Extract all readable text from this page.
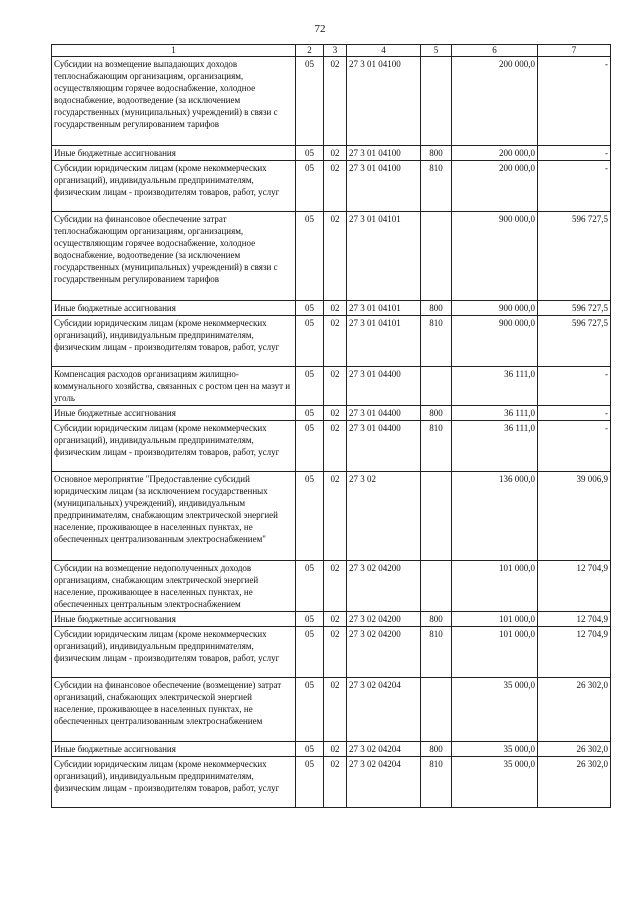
72
1	2	3	4	5	6	7
Субсидии на возмещение выпадающих доходов теплоснабжающим организациям, организациям, осуществляющим горячее водоснабжение, холодное водоснабжение, водоотведение (за исключением государственных (муниципальных) учреждений) в связи с государственным регулированием тарифов	05	02	27 3 01 04100		200 000,0	-
Иные бюджетные ассигнования	05	02	27 3 01 04100	800	200 000,0	-
Субсидии юридическим лицам (кроме некоммерческих организаций), индивидуальным предпринимателям, физическим лицам - производителям товаров, работ, услуг	05	02	27 3 01 04100	810	200 000,0	-
Субсидии на финансовое обеспечение затрат теплоснабжающим организациям, организациям, осуществляющим горячее водоснабжение, холодное водоснабжение, водоотведение (за исключением государственных (муниципальных) учреждений) в связи с государственным регулированием тарифов	05	02	27 3 01 04101		900 000,0	596 727,5
Иные бюджетные ассигнования	05	02	27 3 01 04101	800	900 000,0	596 727,5
Субсидии юридическим лицам (кроме некоммерческих организаций), индивидуальным предпринимателям, физическим лицам - производителям товаров, работ, услуг	05	02	27 3 01 04101	810	900 000,0	596 727,5
Компенсация расходов организациям жилищно-коммунального хозяйства, связанных с ростом цен на мазут и уголь	05	02	27 3 01 04400		36 111,0	-
Иные бюджетные ассигнования	05	02	27 3 01 04400	800	36 111,0	-
Субсидии юридическим лицам (кроме некоммерческих организаций), индивидуальным предпринимателям, физическим лицам - производителям товаров, работ, услуг	05	02	27 3 01 04400	810	36 111,0	-
Основное мероприятие "Предоставление субсидий юридическим лицам (за исключением государственных (муниципальных) учреждений), индивидуальным предпринимателям, снабжающим электрической энергией население, проживающее в населенных пунктах, не обеспеченных централизованным электроснабжением"	05	02	27 3 02		136 000,0	39 006,9
Субсидии на возмещение недополученных доходов организациям, снабжающим электрической энергией население, проживающее в населенных пунктах, не обеспеченных центральным электроснабжением	05	02	27 3 02 04200		101 000,0	12 704,9
Иные бюджетные ассигнования	05	02	27 3 02 04200	800	101 000,0	12 704,9
Субсидии юридическим лицам (кроме некоммерческих организаций), индивидуальным предпринимателям, физическим лицам - производителям товаров, работ, услуг	05	02	27 3 02 04200	810	101 000,0	12 704,9
Субсидии на финансовое обеспечение (возмещение) затрат организаций, снабжающих электрической энергией население, проживающее в населенных пунктах, не обеспеченных централизованным электроснабжением	05	02	27 3 02 04204		35 000,0	26 302,0
Иные бюджетные ассигнования	05	02	27 3 02 04204	800	35 000,0	26 302,0
Субсидии юридическим лицам (кроме некоммерческих организаций), индивидуальным предпринимателям, физическим лицам - производителям товаров, работ, услуг	05	02	27 3 02 04204	810	35 000,0	26 302,0
